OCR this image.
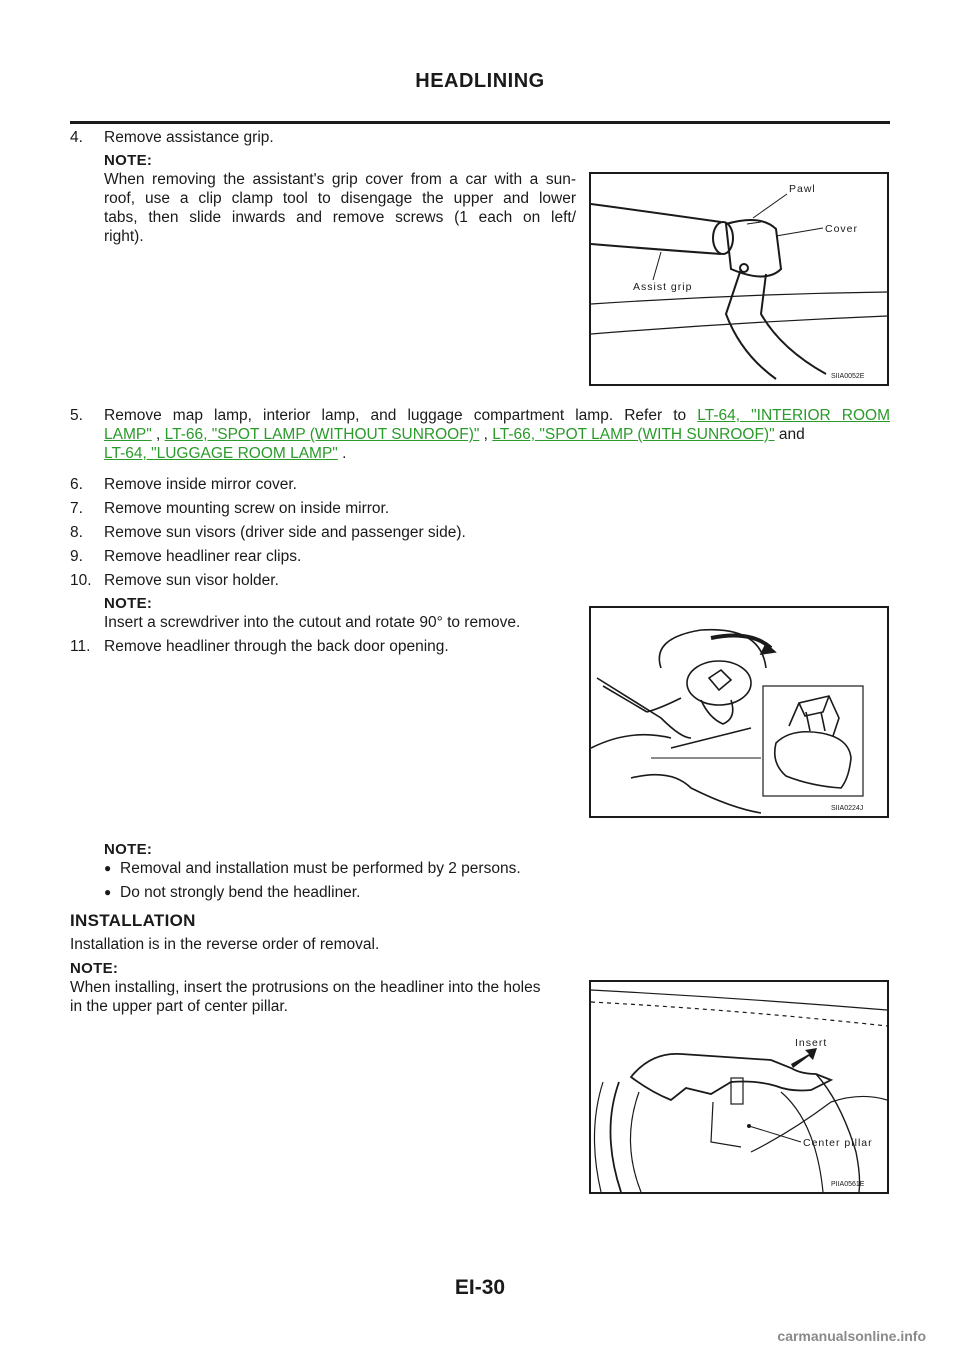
HEADLINING
4. Remove assistance grip.
NOTE:
When removing the assistant's grip cover from a car with a sun-
roof, use a clip clamp tool to disengage the upper and lower
tabs, then slide inwards and remove screws (1 each on left/
right).
Pawl
Cover
Assist grip
SIIA0052E
5. Remove map lamp, interior lamp, and luggage compartment lamp. Refer to LT-64, "INTERIOR ROOM
LAMP" , LT-66, "SPOT LAMP (WITHOUT SUNROOF)" , LT-66, "SPOT LAMP (WITH SUNROOF)" and
LT-64, "LUGGAGE ROOM LAMP" .
6. Remove inside mirror cover.
7. Remove mounting screw on inside mirror.
8. Remove sun visors (driver side and passenger side).
9. Remove headliner rear clips.
10. Remove sun visor holder.
NOTE:
Insert a screwdriver into the cutout and rotate 90° to remove.
11. Remove headliner through the back door opening.
SIIA0224J
NOTE:
● Removal and installation must be performed by 2 persons.
● Do not strongly bend the headliner.
INSTALLATION
Installation is in the reverse order of removal.
NOTE:
When installing, insert the protrusions on the headliner into the holes
in the upper part of center pillar.
Insert
Center pillar
PIIA0561E
EI-30
carmanualsonline.info
